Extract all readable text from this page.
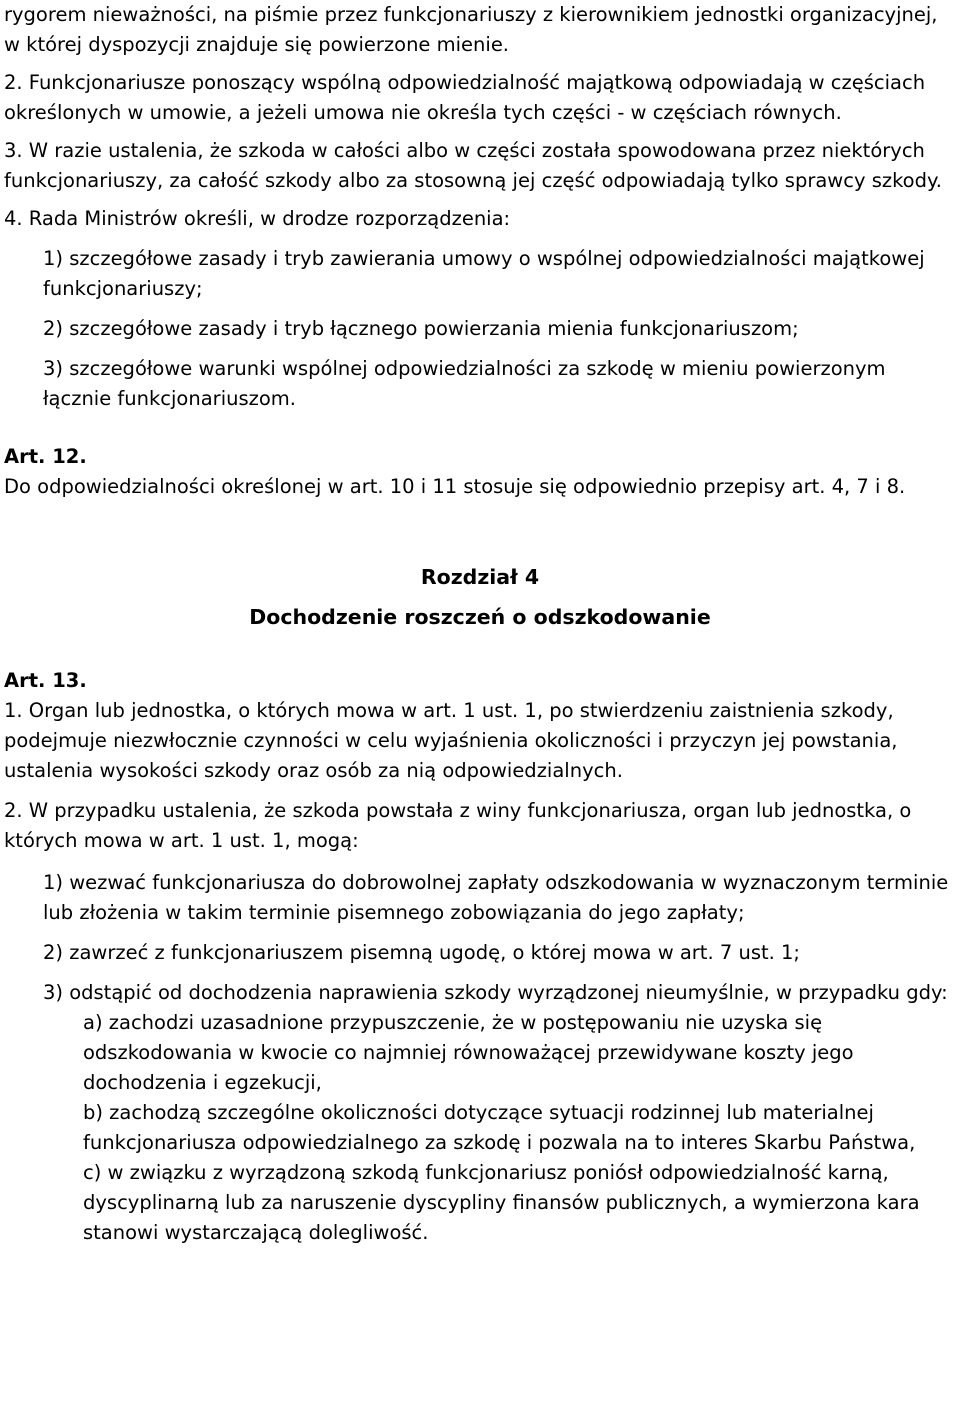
rygorem nieważności, na piśmie przez funkcjonariuszy z kierownikiem jednostki organizacyjnej, w której dyspozycji znajduje się powierzone mienie.

2. Funkcjonariusze ponoszący wspólną odpowiedzialność majątkową odpowiadają w częściach określonych w umowie, a jeżeli umowa nie określa tych części - w częściach równych.

3. W razie ustalenia, że szkoda w całości albo w części została spowodowana przez niektórych funkcjonariuszy, za całość szkody albo za stosowną jej część odpowiadają tylko sprawcy szkody.

4. Rada Ministrów określi, w drodze rozporządzenia:

1) szczegółowe zasady i tryb zawierania umowy o wspólnej odpowiedzialności majątkowej funkcjonariuszy;

2) szczegółowe zasady i tryb łącznego powierzania mienia funkcjonariuszom;

3) szczegółowe warunki wspólnej odpowiedzialności za szkodę w mieniu powierzonym łącznie funkcjonariuszom.

Art. 12.

Do odpowiedzialności określonej w art. 10 i 11 stosuje się odpowiednio przepisy art. 4, 7 i 8.

Rozdział 4

Dochodzenie roszczeń o odszkodowanie

Art. 13.

1. Organ lub jednostka, o których mowa w art. 1 ust. 1, po stwierdzeniu zaistnienia szkody, podejmuje niezwłocznie czynności w celu wyjaśnienia okoliczności i przyczyn jej powstania, ustalenia wysokości szkody oraz osób za nią odpowiedzialnych.

2. W przypadku ustalenia, że szkoda powstała z winy funkcjonariusza, organ lub jednostka, o których mowa w art. 1 ust. 1, mogą:

1) wezwać funkcjonariusza do dobrowolnej zapłaty odszkodowania w wyznaczonym terminie lub złożenia w takim terminie pisemnego zobowiązania do jego zapłaty;

2) zawrzeć z funkcjonariuszem pisemną ugodę, o której mowa w art. 7 ust. 1;

3) odstąpić od dochodzenia naprawienia szkody wyrządzonej nieumyślnie, w przypadku gdy:

a) zachodzi uzasadnione przypuszczenie, że w postępowaniu nie uzyska się odszkodowania w kwocie co najmniej równoważącej przewidywane koszty jego dochodzenia i egzekucji,

b) zachodzą szczególne okoliczności dotyczące sytuacji rodzinnej lub materialnej funkcjonariusza odpowiedzialnego za szkodę i pozwala na to interes Skarbu Państwa,

c) w związku z wyrządzoną szkodą funkcjonariusz poniósł odpowiedzialność karną, dyscyplinarną lub za naruszenie dyscypliny finansów publicznych, a wymierzona kara stanowi wystarczającą dolegliwość.
